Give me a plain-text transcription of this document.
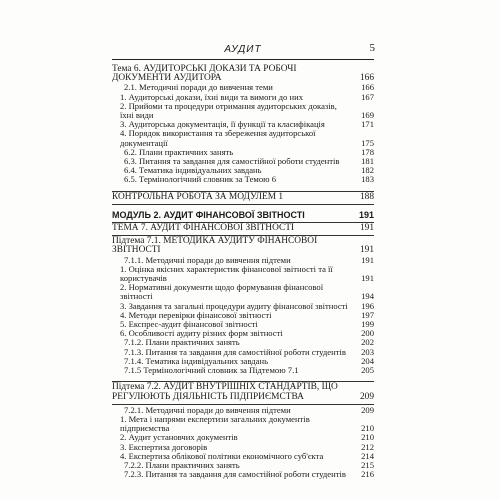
АУДИТ	5
Тема 6. АУДИТОРСЬКІ ДОКАЗИ ТА РОБОЧІ ДОКУМЕНТИ АУДИТОРА	166
2.1. Методичні поради до вивчення теми	166
1. Аудиторські докази, їхні види та вимоги до них	167
2. Прийоми та процедури отримання аудиторських доказів, їхні види	169
3. Аудиторська документація, її функції та класифікація	171
4. Порядок використання та збереження аудиторської документації	175
6.2. Плани практичних занять	178
6.3. Питання та завдання для самостійної роботи студентів	181
6.4. Тематика індивідуальних завдань	182
6.5. Термінологічний словник за Темою 6	183
КОНТРОЛЬНА РОБОТА ЗА МОДУЛЕМ 1	188
МОДУЛЬ 2. АУДИТ ФІНАНСОВОЇ ЗВІТНОСТІ	191
ТЕМА 7. АУДИТ ФІНАНСОВОЇ ЗВІТНОСТІ	191
Підтема 7.1. МЕТОДИКА АУДИТУ ФІНАНСОВОЇ ЗВІТНОСТІ	191
7.1.1. Методичні поради до вивчення підтеми	191
1. Оцінка якісних характеристик фінансової звітності та її користувачів	191
2. Нормативні документи щодо формування фінансової звітності	194
3. Завдання та загальні процедури аудиту фінансової звітності	196
4. Методи перевірки фінансової звітності	197
5. Експрес-аудит фінансової звітності	199
6. Особливості аудиту різних форм звітності	200
7.1.2. Плани практичних занять	202
7.1.3. Питання та завдання для самостійної роботи студентів	203
7.1.4. Тематика індивідуальних завдань	204
7.1.5 Термінологічний словник за Підтемою 7.1	205
Підтема 7.2. АУДИТ ВНУТРІШНІХ СТАНДАРТІВ, ЩО РЕГУЛЮЮТЬ ДІЯЛЬНІСТЬ ПІДПРИЄМСТВА	209
7.2.1. Методичні поради до вивчення підтеми	209
1. Мета і напрями експертизи загальних документів підприємства	210
2. Аудит установчих документів	210
3. Експертиза договорів	212
4. Експертиза облікової політики економічного суб'єкта	214
7.2.2. Плани практичних занять	215
7.2.3. Питання та завдання для самостійної роботи студентів	216
